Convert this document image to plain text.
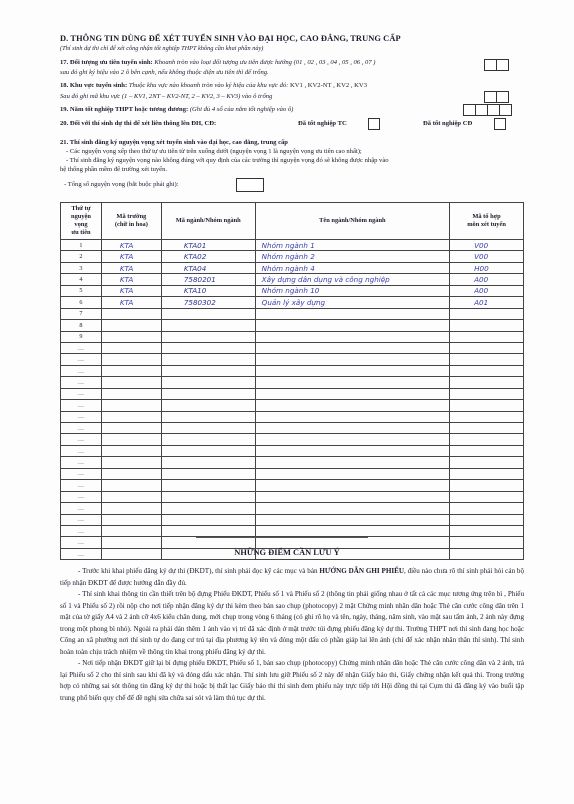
D. THÔNG TIN DÙNG ĐỂ XÉT TUYỂN SINH VÀO ĐẠI HỌC, CAO ĐẲNG, TRUNG CẤP
(Thí sinh dự thi chỉ để xét công nhận tốt nghiệp THPT không cần khai phần này)
17. Đối tượng ưu tiên tuyển sinh: Khoanh tròn vào loại đối tượng ưu tiên được hưởng (01 , 02 , 03 , 04 , 05 , 06 , 07 )
sau đó ghi ký hiệu vào 2 ô bên cạnh, nếu không thuộc diện ưu tiên thì để trống.
18. Khu vực tuyển sinh: Thuộc khu vực nào khoanh tròn vào ký hiệu của khu vực đó: KV1 , KV2-NT , KV2 , KV3
Sau đó ghi mã khu vực (1 – KV1, 2NT – KV2-NT, 2 – KV2, 3 – KV3) vào ô trống
19. Năm tốt nghiệp THPT hoặc tương đương: (Ghi đủ 4 số của năm tốt nghiệp vào ô)
20. Đối với thí sinh dự thi để xét liên thông lên ĐH, CĐ:	Đã tốt nghiệp TC	Đã tốt nghiệp CĐ
21. Thí sinh đăng ký nguyện vọng xét tuyển sinh vào đại học, cao đẳng, trung cấp
- Các nguyện vọng xếp theo thứ tự ưu tiên từ trên xuống dưới (nguyện vọng 1 là nguyện vọng ưu tiên cao nhất);
- Thí sinh đăng ký nguyện vọng nào không đúng với quy định của các trường thì nguyện vọng đó sẽ không được nhập vào
hệ thống phần mềm để trường xét tuyển.
- Tổng số nguyện vọng (bắt buộc phải ghi):
Thứ tự
nguyện
vọng
ưu tiên	Mã trường
(chữ in hoa)	Mã ngành/Nhóm ngành	Tên ngành/Nhóm ngành	Mã tổ hợp
môn xét tuyển
1	KTA	KTA01	Nhóm ngành 1	V00
2	KTA	KTA02	Nhóm ngành 2	V00
3	KTA	KTA04	Nhóm ngành 4	H00
4	KTA	7580201	Xây dựng dân dụng và công nghiệp	A00
5	KTA	KTA10	Nhóm ngành 10	A00
6	KTA	7580302	Quản lý xây dựng	A01
7				
8				
9				
…				
…				
…				
…				
…				
…				
…				
…				
…				
…				
…				
…				
…				
…				
…				
…				
…				
…				
…					NHỮNG ĐIỂM CẦN LƯU Ý

- Trước khi khai phiếu đăng ký dự thi (ĐKDT), thí sinh phải đọc kỹ các mục và bản HƯỚNG DẪN GHI PHIẾU, điều nào chưa rõ thí sinh phải hỏi cán bộ tiếp nhận ĐKDT để được hướng dẫn đầy đủ.

- Thí sinh khai thông tin cần thiết trên bộ đựng Phiếu ĐKDT, Phiếu số 1 và Phiếu số 2 (thông tin phải giống nhau ở tất cả các mục tương ứng trên bì , Phiếu số 1 và Phiếu số 2) rồi nộp cho nơi tiếp nhận đăng ký dự thi kèm theo bản sao chụp (photocopy) 2 mặt Chứng minh nhân dân hoặc Thẻ căn cước công dân trên 1 mặt của tờ giấy A4 và 2 ảnh cỡ 4x6 kiểu chân dung, mới chụp trong vòng 6 tháng (có ghi rõ họ và tên, ngày, tháng, năm sinh, vào mặt sau tấm ảnh, 2 ảnh này đựng trong một phong bì nhỏ). Ngoài ra phải dán thêm 1 ảnh vào vị trí đã xác định ở mặt trước túi đựng phiếu đăng ký dự thi. Trường THPT nơi thí sinh đang học hoặc Công an xã phường nơi thí sinh tự do đang cư trú tại địa phương ký tên và đóng một dấu có phần giáp lai lên ảnh (chỉ để xác nhận nhân thân thí sinh). Thí sinh hoàn toàn chịu trách nhiệm về thông tin khai trong phiếu đăng ký dự thi.

- Nơi tiếp nhận ĐKDT giữ lại bì đựng phiếu ĐKDT, Phiếu số 1, bản sao chụp (photocopy) Chứng minh nhân dân hoặc Thẻ căn cước công dân và 2 ảnh, trả lại Phiếu số 2 cho thí sinh sau khi đã ký và đóng dấu xác nhận. Thí sinh lưu giữ Phiếu số 2 này để nhận Giấy báo thi, Giấy chứng nhận kết quả thi. Trong trường hợp có những sai sót thông tin đăng ký dự thi hoặc bị thất lạc Giấy báo thi thí sinh đem phiếu này trực tiếp tới Hội đồng thi tại Cụm thi đã đăng ký vào buổi tập trung phổ biến quy chế để đề nghị sửa chữa sai sót và làm thủ tục dự thi.
